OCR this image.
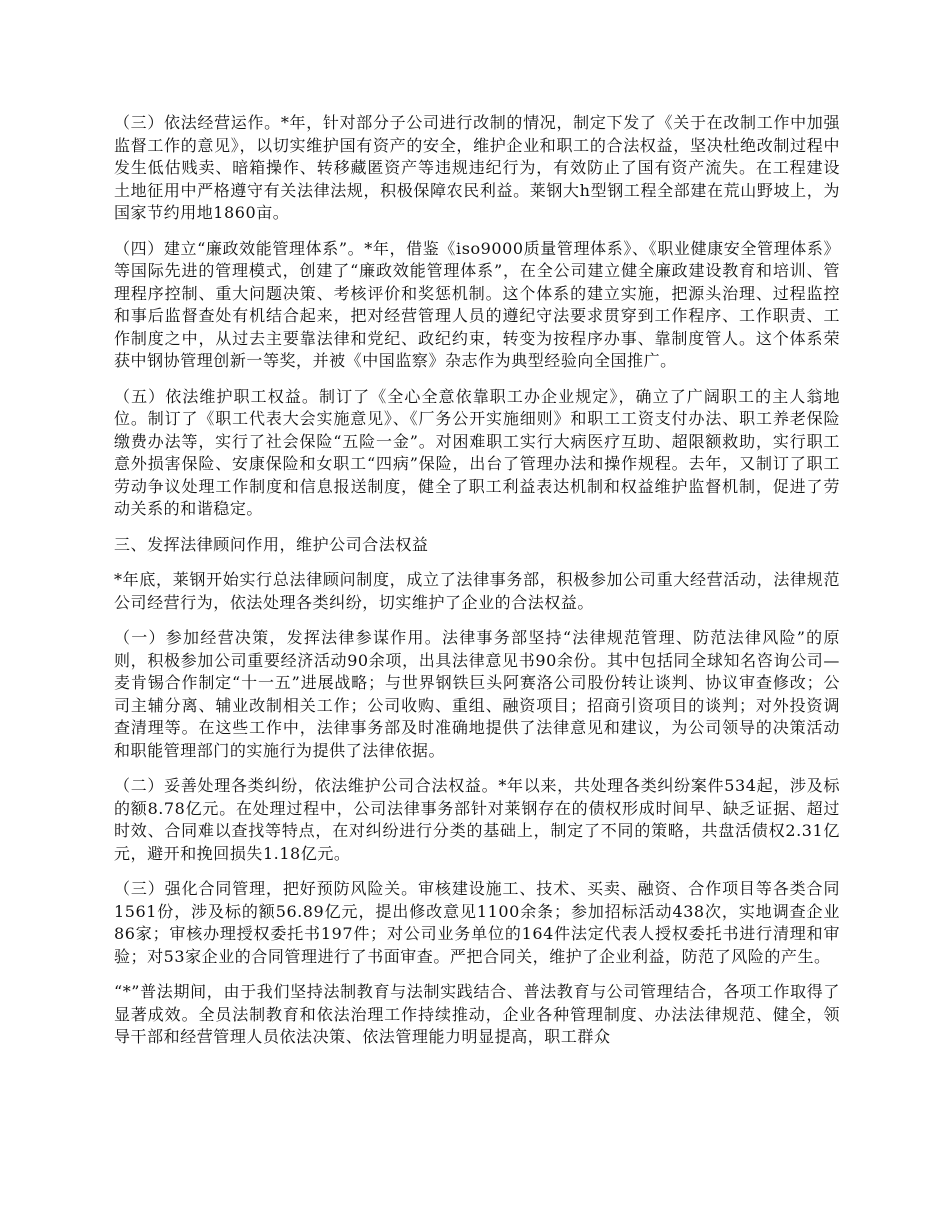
（三）依法经营运作。*年，针对部分子公司进行改制的情况，制定下发了《关于在改制工作中加强监督工作的意见》，以切实维护国有资产的安全，维护企业和职工的合法权益，坚决杜绝改制过程中发生低估贱卖、暗箱操作、转移藏匿资产等违规违纪行为，有效防止了国有资产流失。在工程建设土地征用中严格遵守有关法律法规，积极保障农民利益。莱钢大h型钢工程全部建在荒山野坡上，为国家节约用地1860亩。

（四）建立“廉政效能管理体系”。*年，借鉴《iso9000质量管理体系》、《职业健康安全管理体系》等国际先进的管理模式，创建了“廉政效能管理体系”，在全公司建立健全廉政建设教育和培训、管理程序控制、重大问题决策、考核评价和奖惩机制。这个体系的建立实施，把源头治理、过程监控和事后监督查处有机结合起来，把对经营管理人员的遵纪守法要求贯穿到工作程序、工作职责、工作制度之中，从过去主要靠法律和党纪、政纪约束，转变为按程序办事、靠制度管人。这个体系荣获中钢协管理创新一等奖，并被《中国监察》杂志作为典型经验向全国推广。

（五）依法维护职工权益。制订了《全心全意依靠职工办企业规定》，确立了广阔职工的主人翁地位。制订了《职工代表大会实施意见》、《厂务公开实施细则》和职工工资支付办法、职工养老保险缴费办法等，实行了社会保险“五险一金”。对困难职工实行大病医疗互助、超限额救助，实行职工意外损害保险、安康保险和女职工“四病”保险，出台了管理办法和操作规程。去年，又制订了职工劳动争议处理工作制度和信息报送制度，健全了职工利益表达机制和权益维护监督机制，促进了劳动关系的和谐稳定。

三、发挥法律顾问作用，维护公司合法权益

*年底，莱钢开始实行总法律顾问制度，成立了法律事务部，积极参加公司重大经营活动，法律规范公司经营行为，依法处理各类纠纷，切实维护了企业的合法权益。

（一）参加经营决策，发挥法律参谋作用。法律事务部坚持“法律规范管理、防范法律风险”的原则，积极参加公司重要经济活动90余项，出具法律意见书90余份。其中包括同全球知名咨询公司—麦肯锡合作制定“十一五”进展战略；与世界钢铁巨头阿赛洛公司股份转让谈判、协议审查修改；公司主辅分离、辅业改制相关工作；公司收购、重组、融资项目；招商引资项目的谈判；对外投资调查清理等。在这些工作中，法律事务部及时准确地提供了法律意见和建议，为公司领导的决策活动和职能管理部门的实施行为提供了法律依据。

（二）妥善处理各类纠纷，依法维护公司合法权益。*年以来，共处理各类纠纷案件534起，涉及标的额8.78亿元。在处理过程中，公司法律事务部针对莱钢存在的债权形成时间早、缺乏证据、超过时效、合同难以查找等特点，在对纠纷进行分类的基础上，制定了不同的策略，共盘活债权2.31亿元，避开和挽回损失1.18亿元。

（三）强化合同管理，把好预防风险关。审核建设施工、技术、买卖、融资、合作项目等各类合同1561份，涉及标的额56.89亿元，提出修改意见1100余条；参加招标活动438次，实地调查企业86家；审核办理授权委托书197件；对公司业务单位的164件法定代表人授权委托书进行清理和审验；对53家企业的合同管理进行了书面审查。严把合同关，维护了企业利益，防范了风险的产生。

“*”普法期间，由于我们坚持法制教育与法制实践结合、普法教育与公司管理结合，各项工作取得了显著成效。全员法制教育和依法治理工作持续推动，企业各种管理制度、办法法律规范、健全，领导干部和经营管理人员依法决策、依法管理能力明显提高，职工群众
